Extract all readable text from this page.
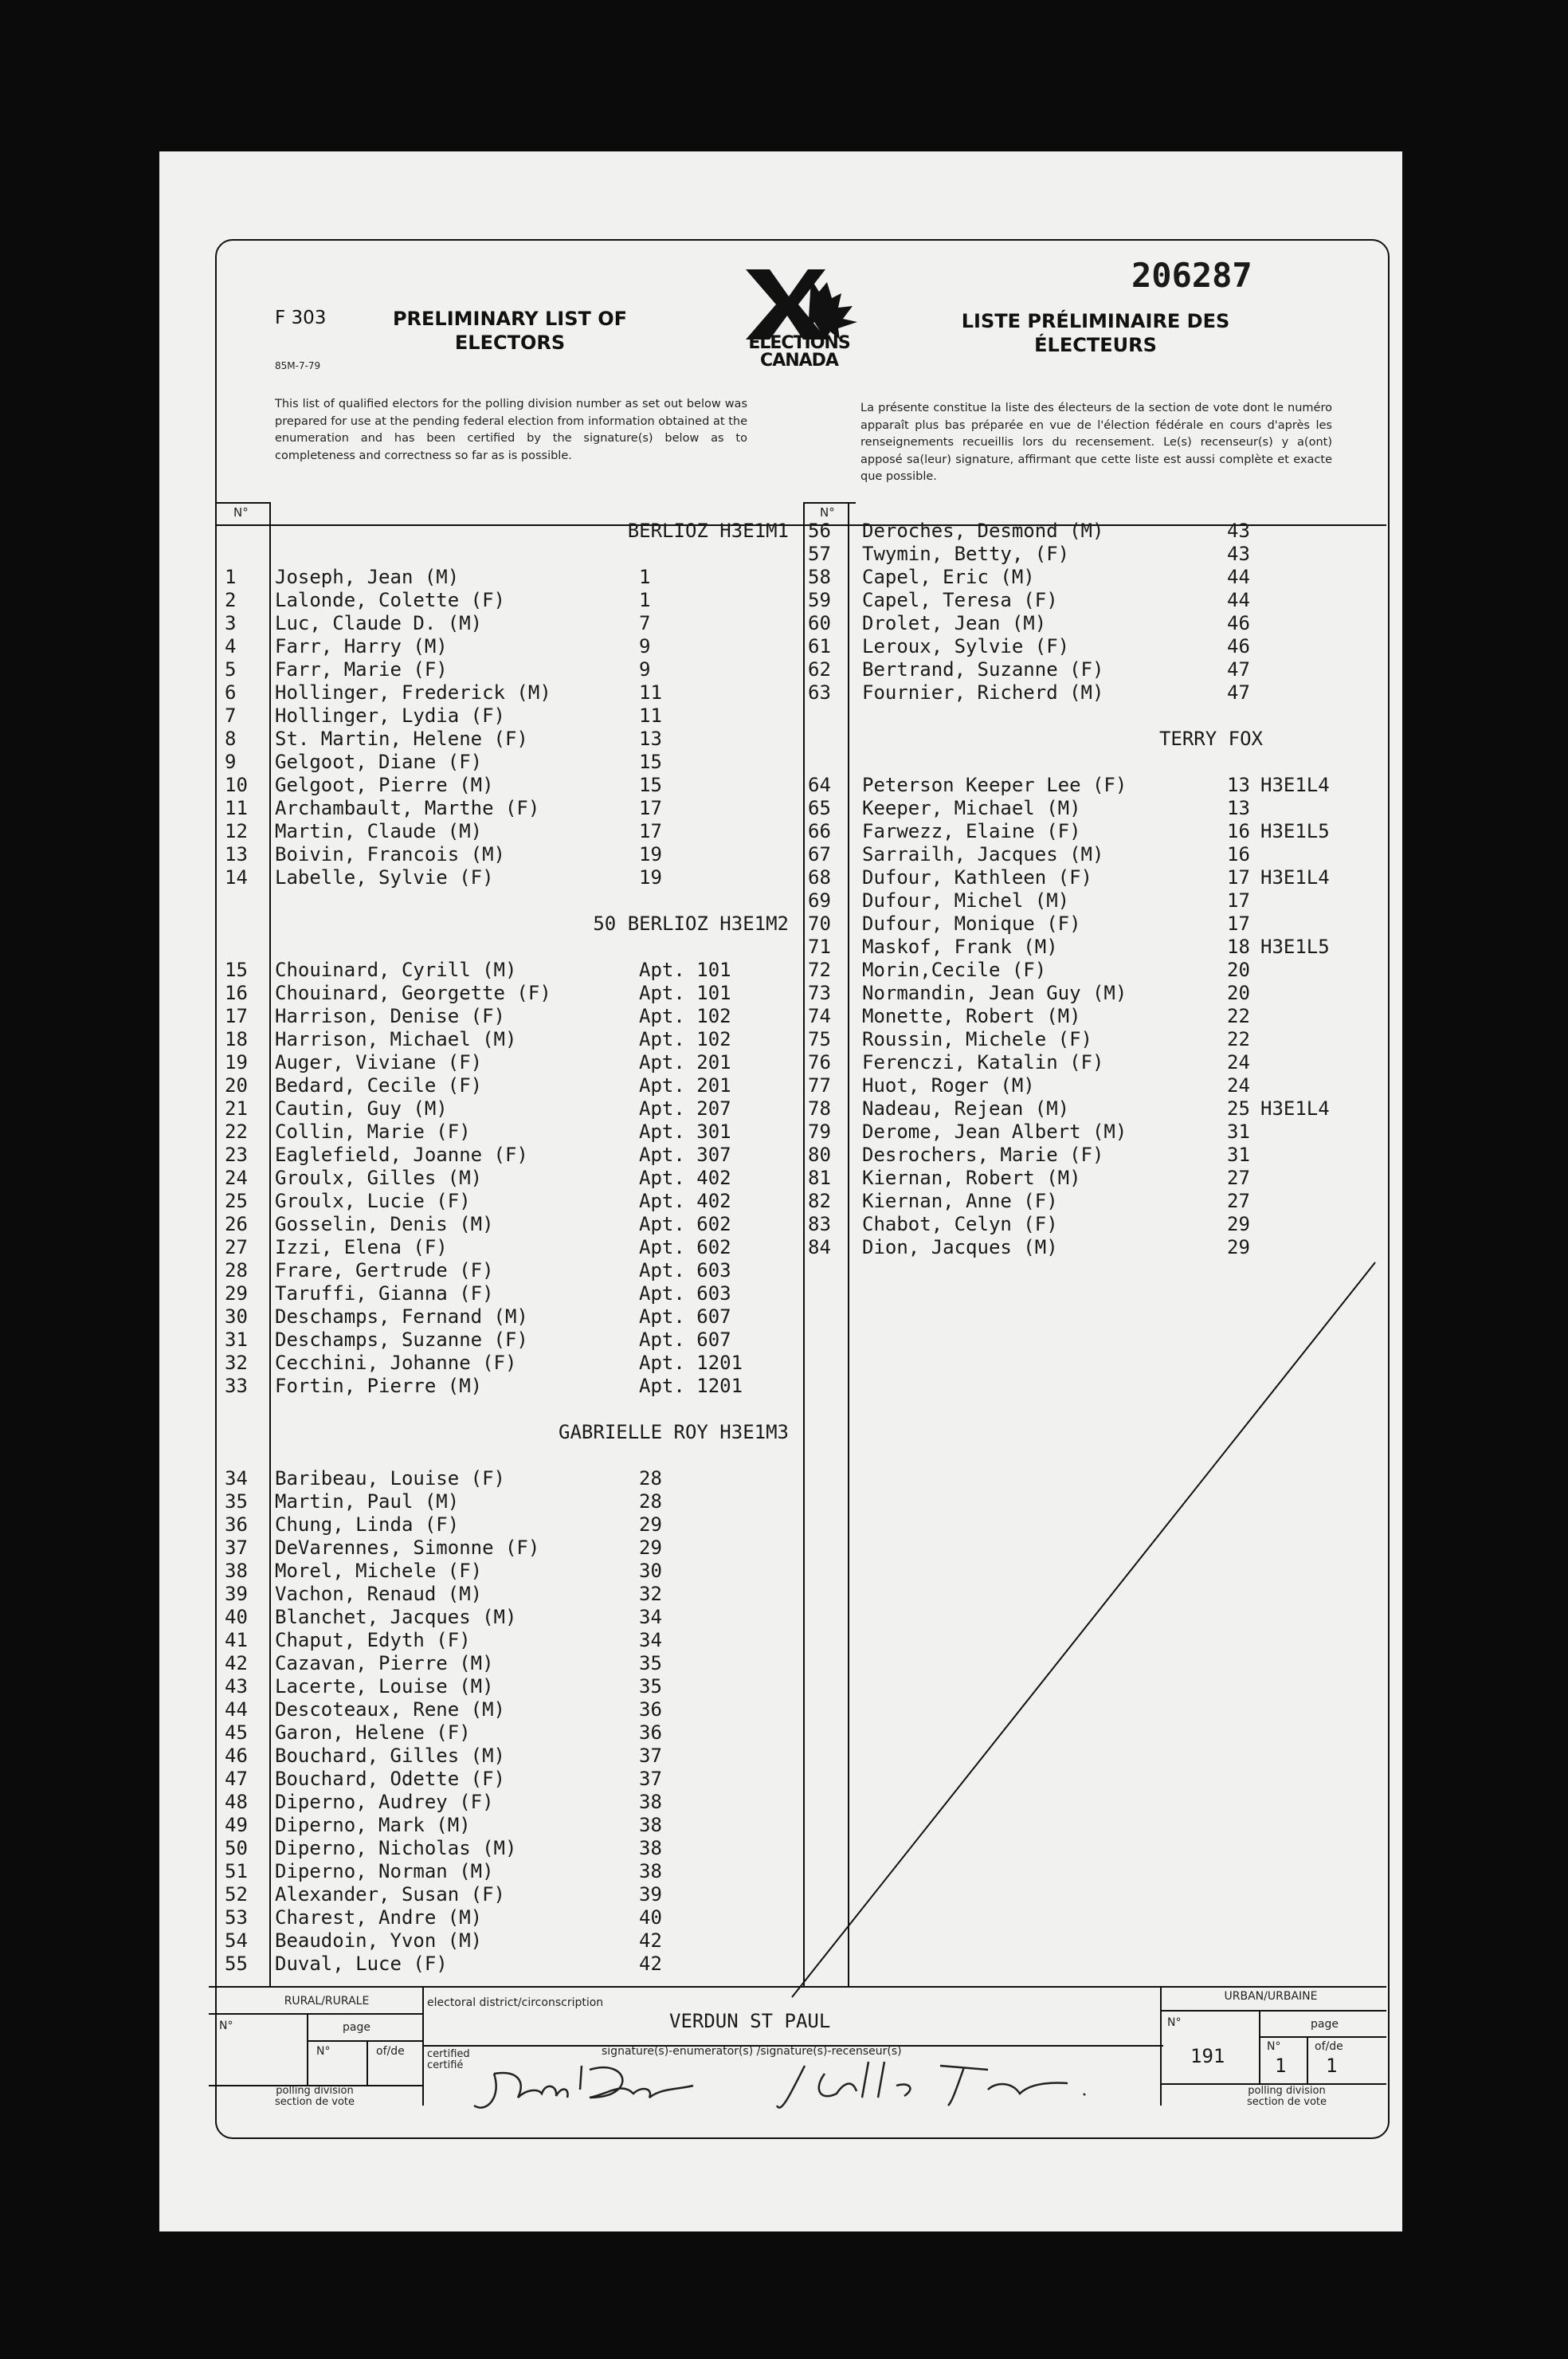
206287
F 303
85M-7-79
PRELIMINARY LIST OF
ELECTORS
LISTE PRÉLIMINAIRE DES
ÉLECTEURS
ELECTIONS
CANADA
This list of qualified electors for the polling division number as set out below was prepared for use at the pending federal election from information obtained at the enumeration and has been certified by the signature(s) below as to completeness and correctness so far as is possible.
La présente constitue la liste des électeurs de la section de vote dont le numéro apparaît plus bas préparée en vue de l'élection fédérale en cours d'après les renseignements recueillis lors du recensement. Le(s) recenseur(s) y a(ont) apposé sa(leur) signature, affirmant que cette liste est aussi complète et exacte que possible.
N°	N°
BERLIOZ H3E1M1
1 Joseph, Jean (M)	1
2 Lalonde, Colette (F)	1
3 Luc, Claude D. (M)	7
4 Farr, Harry (M)	9
5 Farr, Marie (F)	9
6 Hollinger, Frederick (M)	11
7 Hollinger, Lydia (F)	11
8 St. Martin, Helene (F)	13
9 Gelgoot, Diane (F)	15
10 Gelgoot, Pierre (M)	15
11 Archambault, Marthe (F)	17
12 Martin, Claude (M)	17
13 Boivin, Francois (M)	19
14 Labelle, Sylvie (F)	19
50 BERLIOZ H3E1M2
15 Chouinard, Cyrill (M)	Apt. 101
16 Chouinard, Georgette (F)	Apt. 101
17 Harrison, Denise (F)	Apt. 102
18 Harrison, Michael (M)	Apt. 102
19 Auger, Viviane (F)	Apt. 201
20 Bedard, Cecile (F)	Apt. 201
21 Cautin, Guy (M)	Apt. 207
22 Collin, Marie (F)	Apt. 301
23 Eaglefield, Joanne (F)	Apt. 307
24 Groulx, Gilles (M)	Apt. 402
25 Groulx, Lucie (F)	Apt. 402
26 Gosselin, Denis (M)	Apt. 602
27 Izzi, Elena (F)	Apt. 602
28 Frare, Gertrude (F)	Apt. 603
29 Taruffi, Gianna (F)	Apt. 603
30 Deschamps, Fernand (M)	Apt. 607
31 Deschamps, Suzanne (F)	Apt. 607
32 Cecchini, Johanne (F)	Apt. 1201
33 Fortin, Pierre (M)	Apt. 1201
GABRIELLE ROY H3E1M3
34 Baribeau, Louise (F)	28
35 Martin, Paul (M)	28
36 Chung, Linda (F)	29
37 DeVarennes, Simonne (F)	29
38 Morel, Michele (F)	30
39 Vachon, Renaud (M)	32
40 Blanchet, Jacques (M)	34
41 Chaput, Edyth (F)	34
42 Cazavan, Pierre (M)	35
43 Lacerte, Louise (M)	35
44 Descoteaux, Rene (M)	36
45 Garon, Helene (F)	36
46 Bouchard, Gilles (M)	37
47 Bouchard, Odette (F)	37
48 Diperno, Audrey (F)	38
49 Diperno, Mark (M)	38
50 Diperno, Nicholas (M)	38
51 Diperno, Norman (M)	38
52 Alexander, Susan (F)	39
53 Charest, Andre (M)	40
54 Beaudoin, Yvon (M)	42
55 Duval, Luce (F)	42
56 Deroches, Desmond (M)	43
57 Twymin, Betty, (F)	43
58 Capel, Eric (M)	44
59 Capel, Teresa (F)	44
60 Drolet, Jean (M)	46
61 Leroux, Sylvie (F)	46
62 Bertrand, Suzanne (F)	47
63 Fournier, Richerd (M)	47
TERRY FOX
64 Peterson Keeper Lee (F)	13 H3E1L4
65 Keeper, Michael (M)	13
66 Farwezz, Elaine (F)	16 H3E1L5
67 Sarrailh, Jacques (M)	16
68 Dufour, Kathleen (F)	17 H3E1L4
69 Dufour, Michel (M)	17
70 Dufour, Monique (F)	17
71 Maskof, Frank (M)	18 H3E1L5
72 Morin,Cecile (F)	20
73 Normandin, Jean Guy (M)	20
74 Monette, Robert (M)	22
75 Roussin, Michele (F)	22
76 Ferenczi, Katalin (F)	24
77 Huot, Roger (M)	24
78 Nadeau, Rejean (M)	25 H3E1L4
79 Derome, Jean Albert (M)	31
80 Desrochers, Marie (F)	31
81 Kiernan, Robert (M)	27
82 Kiernan, Anne (F)	27
83 Chabot, Celyn (F)	29
84 Dion, Jacques (M)	29
RURAL/RURALE
N°	page
N°	of/de
polling division
section de vote
electoral district/circonscription
VERDUN ST PAUL
certified
certifié
signature(s)-enumerator(s) /signature(s)-recenseur(s)
URBAN/URBAINE
N°
191
page
N°
1
of/de
1
polling division
section de vote
